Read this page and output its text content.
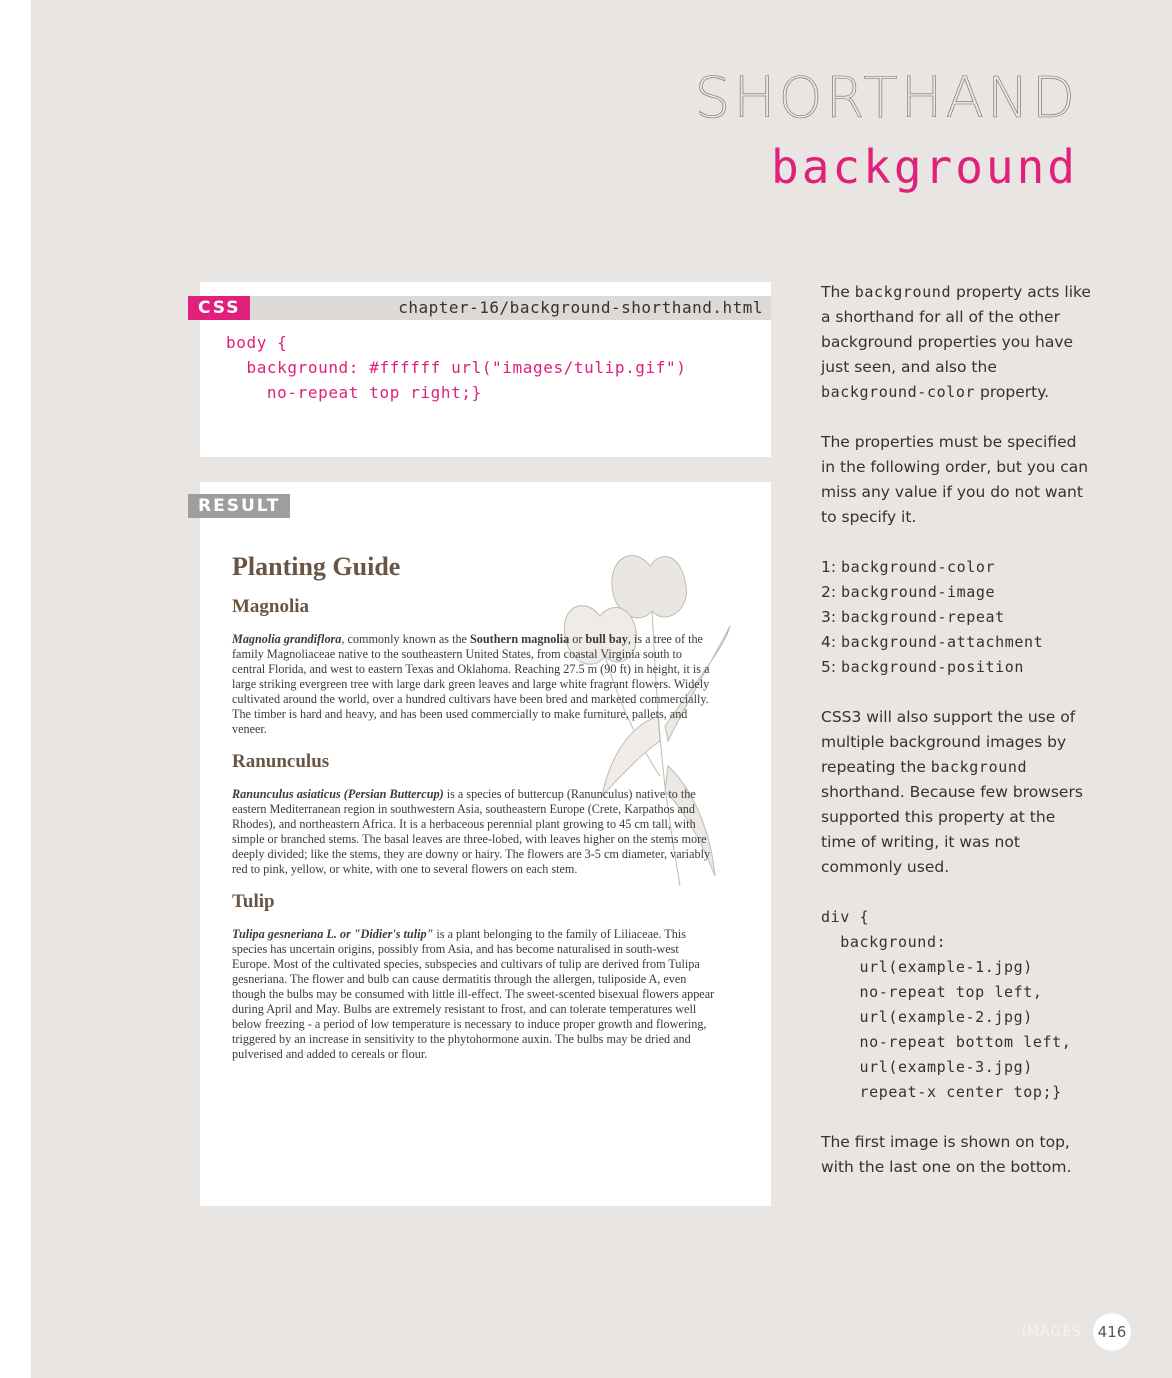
SHORTHAND
background
chapter-16/background-shorthand.html
body {
background: #ffffff url("images/tulip.gif")
no-repeat top right;}
CSS
Planting Guide
Magnolia

Magnolia grandiflora, commonly known as the Southern magnolia or bull bay, is a tree of the family Magnoliaceae native to the southeastern United States, from coastal Virginia south to central Florida, and west to eastern Texas and Oklahoma. Reaching 27.5 m (90 ft) in height, it is a large striking evergreen tree with large dark green leaves and large white fragrant flowers. Widely cultivated around the world, over a hundred cultivars have been bred and marketed commercially. The timber is hard and heavy, and has been used commercially to make furniture, pallets, and veneer.

Ranunculus

Ranunculus asiaticus (Persian Buttercup) is a species of buttercup (Ranunculus) native to the eastern Mediterranean region in southwestern Asia, southeastern Europe (Crete, Karpathos and Rhodes), and northeastern Africa. It is a herbaceous perennial plant growing to 45 cm tall, with simple or branched stems. The basal leaves are three-lobed, with leaves higher on the stems more deeply divided; like the stems, they are downy or hairy. The flowers are 3-5 cm diameter, variably red to pink, yellow, or white, with one to several flowers on each stem.

Tulip

Tulipa gesneriana L. or "Didier's tulip" is a plant belonging to the family of Liliaceae. This species has uncertain origins, possibly from Asia, and has become naturalised in south-west Europe. Most of the cultivated species, subspecies and cultivars of tulip are derived from Tulipa gesneriana. The flower and bulb can cause dermatitis through the allergen, tuliposide A, even though the bulbs may be consumed with little ill-effect. The sweet-scented bisexual flowers appear during April and May. Bulbs are extremely resistant to frost, and can tolerate temperatures well below freezing - a period of low temperature is necessary to induce proper growth and flowering, triggered by an increase in sensitivity to the phytohormone auxin. The bulbs may be dried and pulverised and added to cereals or flour.

RESULT

The background property acts like a shorthand for all of the other background properties you have just seen, and also the background-color property.

The properties must be specified in the following order, but you can miss any value if you do not want to specify it.

1: background-color
2: background-image
3: background-repeat
4: background-attachment
5: background-position

CSS3 will also support the use of multiple background images by repeating the background shorthand. Because few browsers supported this property at the time of writing, it was not commonly used.

div {
background:
url(example-1.jpg)
no-repeat top left,
url(example-2.jpg)
no-repeat bottom left,
url(example-3.jpg)
repeat-x center top;}

The first image is shown on top, with the last one on the bottom.

IMAGES	416
